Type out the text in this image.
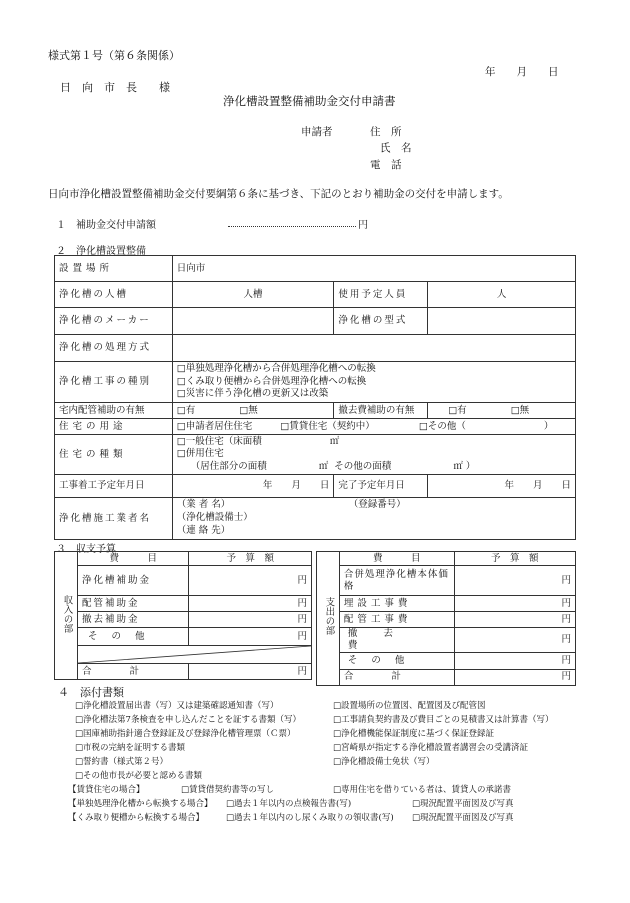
様式第１号（第６条関係）
年　　月　　日
日　向　市　長　　様
浄化槽設置整備補助金交付申請書
申請者	住　所
氏　名
電　話
日向市浄化槽設置整備補助金交付要綱第６条に基づき、下記のとおり補助金の交付を申請します。
１　補助金交付申請額	円
２　浄化槽設置整備
設置場所	日向市		
浄化槽の人槽	人槽	使用予定人員	人
浄化槽のメーカー		浄化槽の型式	
浄化槽の処理方式			
浄化槽工事の種別	□ 単独処理浄化槽から合併処理浄化槽への転換
□ くみ取り便槽から合併処理浄化槽への転換
□ 災害に伴う浄化槽の更新又は改築

宅内配管補助の有無	□ 有 □ 無	撤去費補助の有無	□ 有 □ 無
住宅の用途	□ 申請者居住住宅 □ 賃貸住宅（契約中） □ その他（ ）
住宅の種類	□ 一般住宅（床面積 ㎡
□ 併用住宅
（居住部分の面積 ㎡ その他の面積 ㎡ ）

工事着工予定年月日	年　　月　　日	完了予定年月日	年　　月　　日
浄化槽施工業者名	（業 者 名）
（浄化槽設備士）
（連 絡 先）
（登録番号）		
３　収支予算
収入の部	費　　　目	予　算　額
	浄化槽補助金	円
	配管補助金	円
	撤去補助金	円
	その他	円

	合　　　　計	円
支出の部	費　　　目	予　算　額
	合併処理浄化槽本体価格	円
	埋設工事費	円
	配管工事費	円
	撤去費	円
	その他	円
	合　　　　計	円
４　添付書類
□ 浄化槽設置届出書（写）又は建築確認通知書（写）
□ 浄化槽法第7条検査を申し込んだことを証する書類（写）
□ 国庫補助指針適合登録証及び登録浄化槽管理票（Ｃ票）
□ 市税の完納を証明する書類
□ 誓約書（様式第２号）
□ その他市長が必要と認める書類
□ 設置場所の位置図、配置図及び配管図
□ 工事請負契約書及び費目ごとの見積書又は計算書（写）
□ 浄化槽機能保証制度に基づく保証登録証
□ 宮崎県が指定する浄化槽設置者講習会の受講済証
□ 浄化槽設備士免状（写）
【賃貸住宅の場合】	□ 賃貸借契約書等の写し	□ 専用住宅を借りている者は、賃貸人の承諾書
【単独処理浄化槽から転換する場合】	□ 過去１年以内の点検報告書(写)	□ 現況配置平面図及び写真
【くみ取り便槽から転換する場合】	□ 過去１年以内のし尿くみ取りの領収書(写)	□ 現況配置平面図及び写真
